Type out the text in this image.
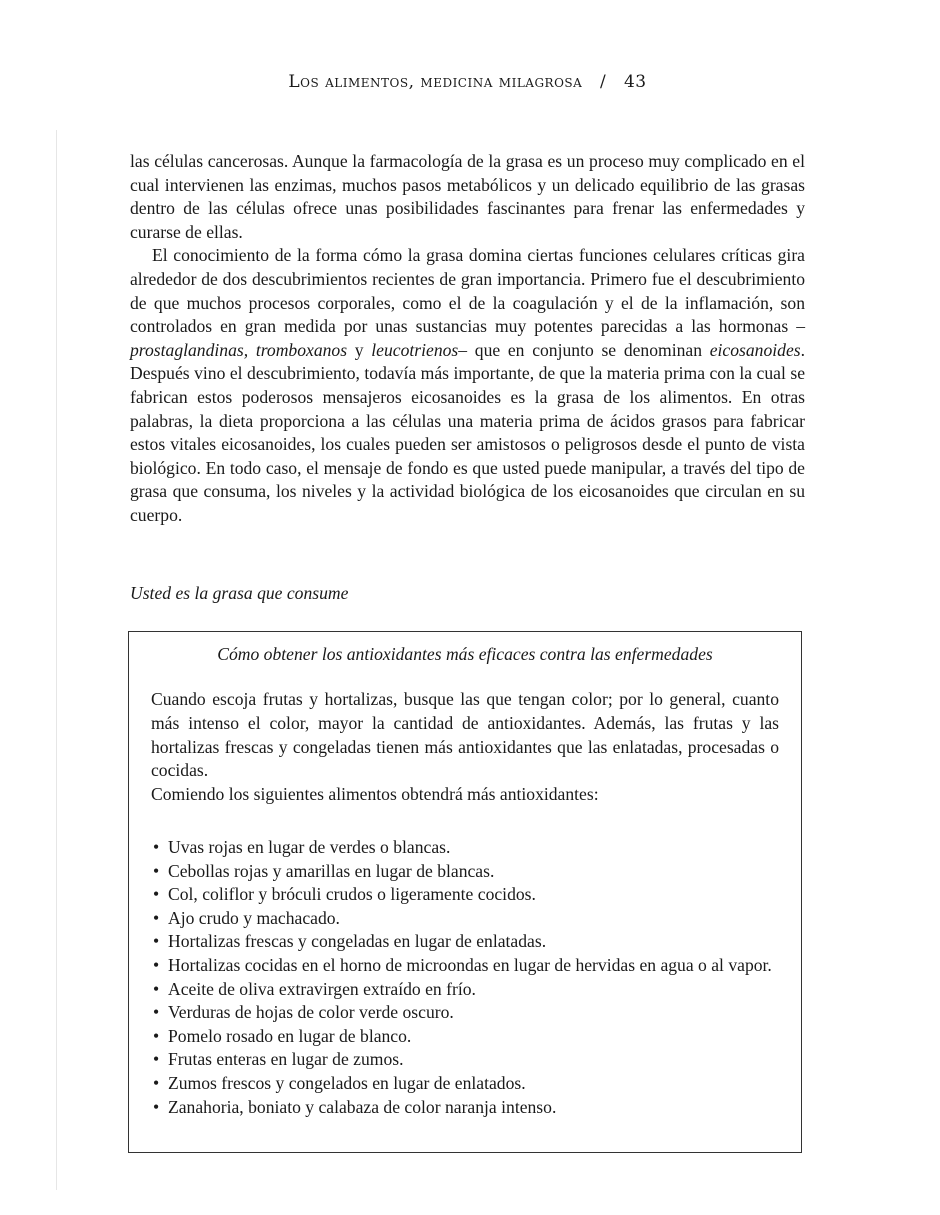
Los alimentos, medicina milagrosa / 43

las células cancerosas. Aunque la farmacología de la grasa es un proceso muy complicado en el cual intervienen las enzimas, muchos pasos metabólicos y un delicado equilibrio de las grasas dentro de las células ofrece unas posibilidades fascinantes para frenar las enfermedades y curarse de ellas.

El conocimiento de la forma cómo la grasa domina ciertas funciones celulares críticas gira alrededor de dos descubrimientos recientes de gran importancia. Primero fue el descubrimiento de que muchos procesos corporales, como el de la coagulación y el de la inflamación, son controlados en gran medida por unas sustancias muy potentes parecidas a las hormonas –prostaglandinas, tromboxanos y leucotrienos– que en conjunto se denominan eicosanoides. Después vino el descubrimiento, todavía más importante, de que la materia prima con la cual se fabrican estos poderosos mensajeros eicosanoides es la grasa de los alimentos. En otras palabras, la dieta proporciona a las células una materia prima de ácidos grasos para fabricar estos vitales eicosanoides, los cuales pueden ser amistosos o peligrosos desde el punto de vista biológico. En todo caso, el mensaje de fondo es que usted puede manipular, a través del tipo de grasa que consuma, los niveles y la actividad biológica de los eicosanoides que circulan en su cuerpo.

Usted es la grasa que consume
Cómo obtener los antioxidantes más eficaces contra las enfermedades

Cuando escoja frutas y hortalizas, busque las que tengan color; por lo general, cuanto más intenso el color, mayor la cantidad de antioxidantes. Además, las frutas y las hortalizas frescas y congeladas tienen más antioxidantes que las enlatadas, procesadas o cocidas.

Comiendo los siguientes alimentos obtendrá más antioxidantes:

• Uvas rojas en lugar de verdes o blancas.
• Cebollas rojas y amarillas en lugar de blancas.
• Col, coliflor y bróculi crudos o ligeramente cocidos.
• Ajo crudo y machacado.
• Hortalizas frescas y congeladas en lugar de enlatadas.
• Hortalizas cocidas en el horno de microondas en lugar de hervidas en agua o al vapor.
• Aceite de oliva extravirgen extraído en frío.
• Verduras de hojas de color verde oscuro.
• Pomelo rosado en lugar de blanco.
• Frutas enteras en lugar de zumos.
• Zumos frescos y congelados en lugar de enlatados.
• Zanahoria, boniato y calabaza de color naranja intenso.
